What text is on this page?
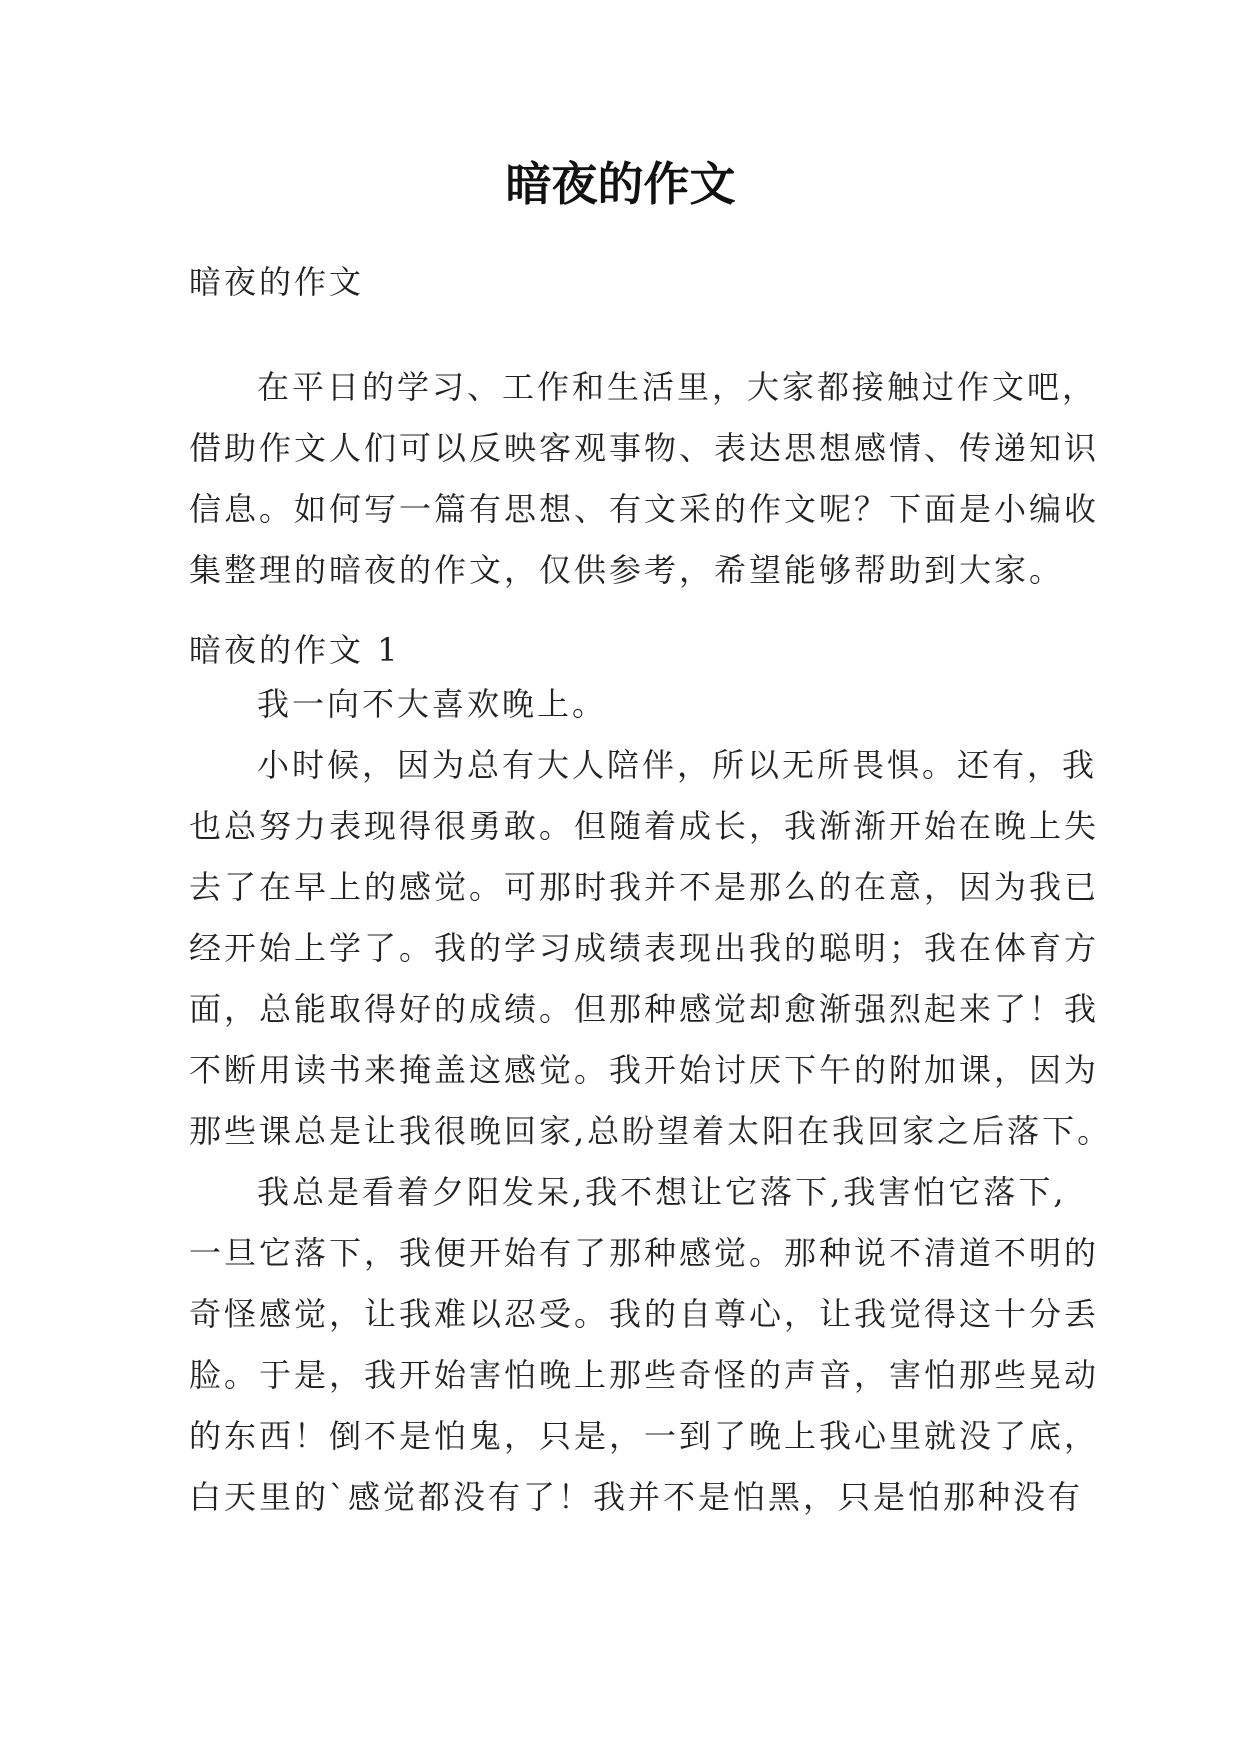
暗夜的作文

暗夜的作文

在平日的学习、工作和生活里，大家都接触过作文吧，
借助作文人们可以反映客观事物、表达思想感情、传递知识
信息。如何写一篇有思想、有文采的作文呢？下面是小编收
集整理的暗夜的作文，仅供参考，希望能够帮助到大家。

暗夜的作文 1

我一向不大喜欢晚上。
小时候，因为总有大人陪伴，所以无所畏惧。还有，我
也总努力表现得很勇敢。但随着成长，我渐渐开始在晚上失
去了在早上的感觉。可那时我并不是那么的在意，因为我已
经开始上学了。我的学习成绩表现出我的聪明；我在体育方
面，总能取得好的成绩。但那种感觉却愈渐强烈起来了！我
不断用读书来掩盖这感觉。我开始讨厌下午的附加课，因为
那些课总是让我很晚回家,总盼望着太阳在我回家之后落下。
我总是看着夕阳发呆,我不想让它落下,我害怕它落下,
一旦它落下，我便开始有了那种感觉。那种说不清道不明的
奇怪感觉，让我难以忍受。我的自尊心，让我觉得这十分丢
脸。于是，我开始害怕晚上那些奇怪的声音，害怕那些晃动
的东西！倒不是怕鬼，只是，一到了晚上我心里就没了底，
白天里的`感觉都没有了！我并不是怕黑，只是怕那种没有
